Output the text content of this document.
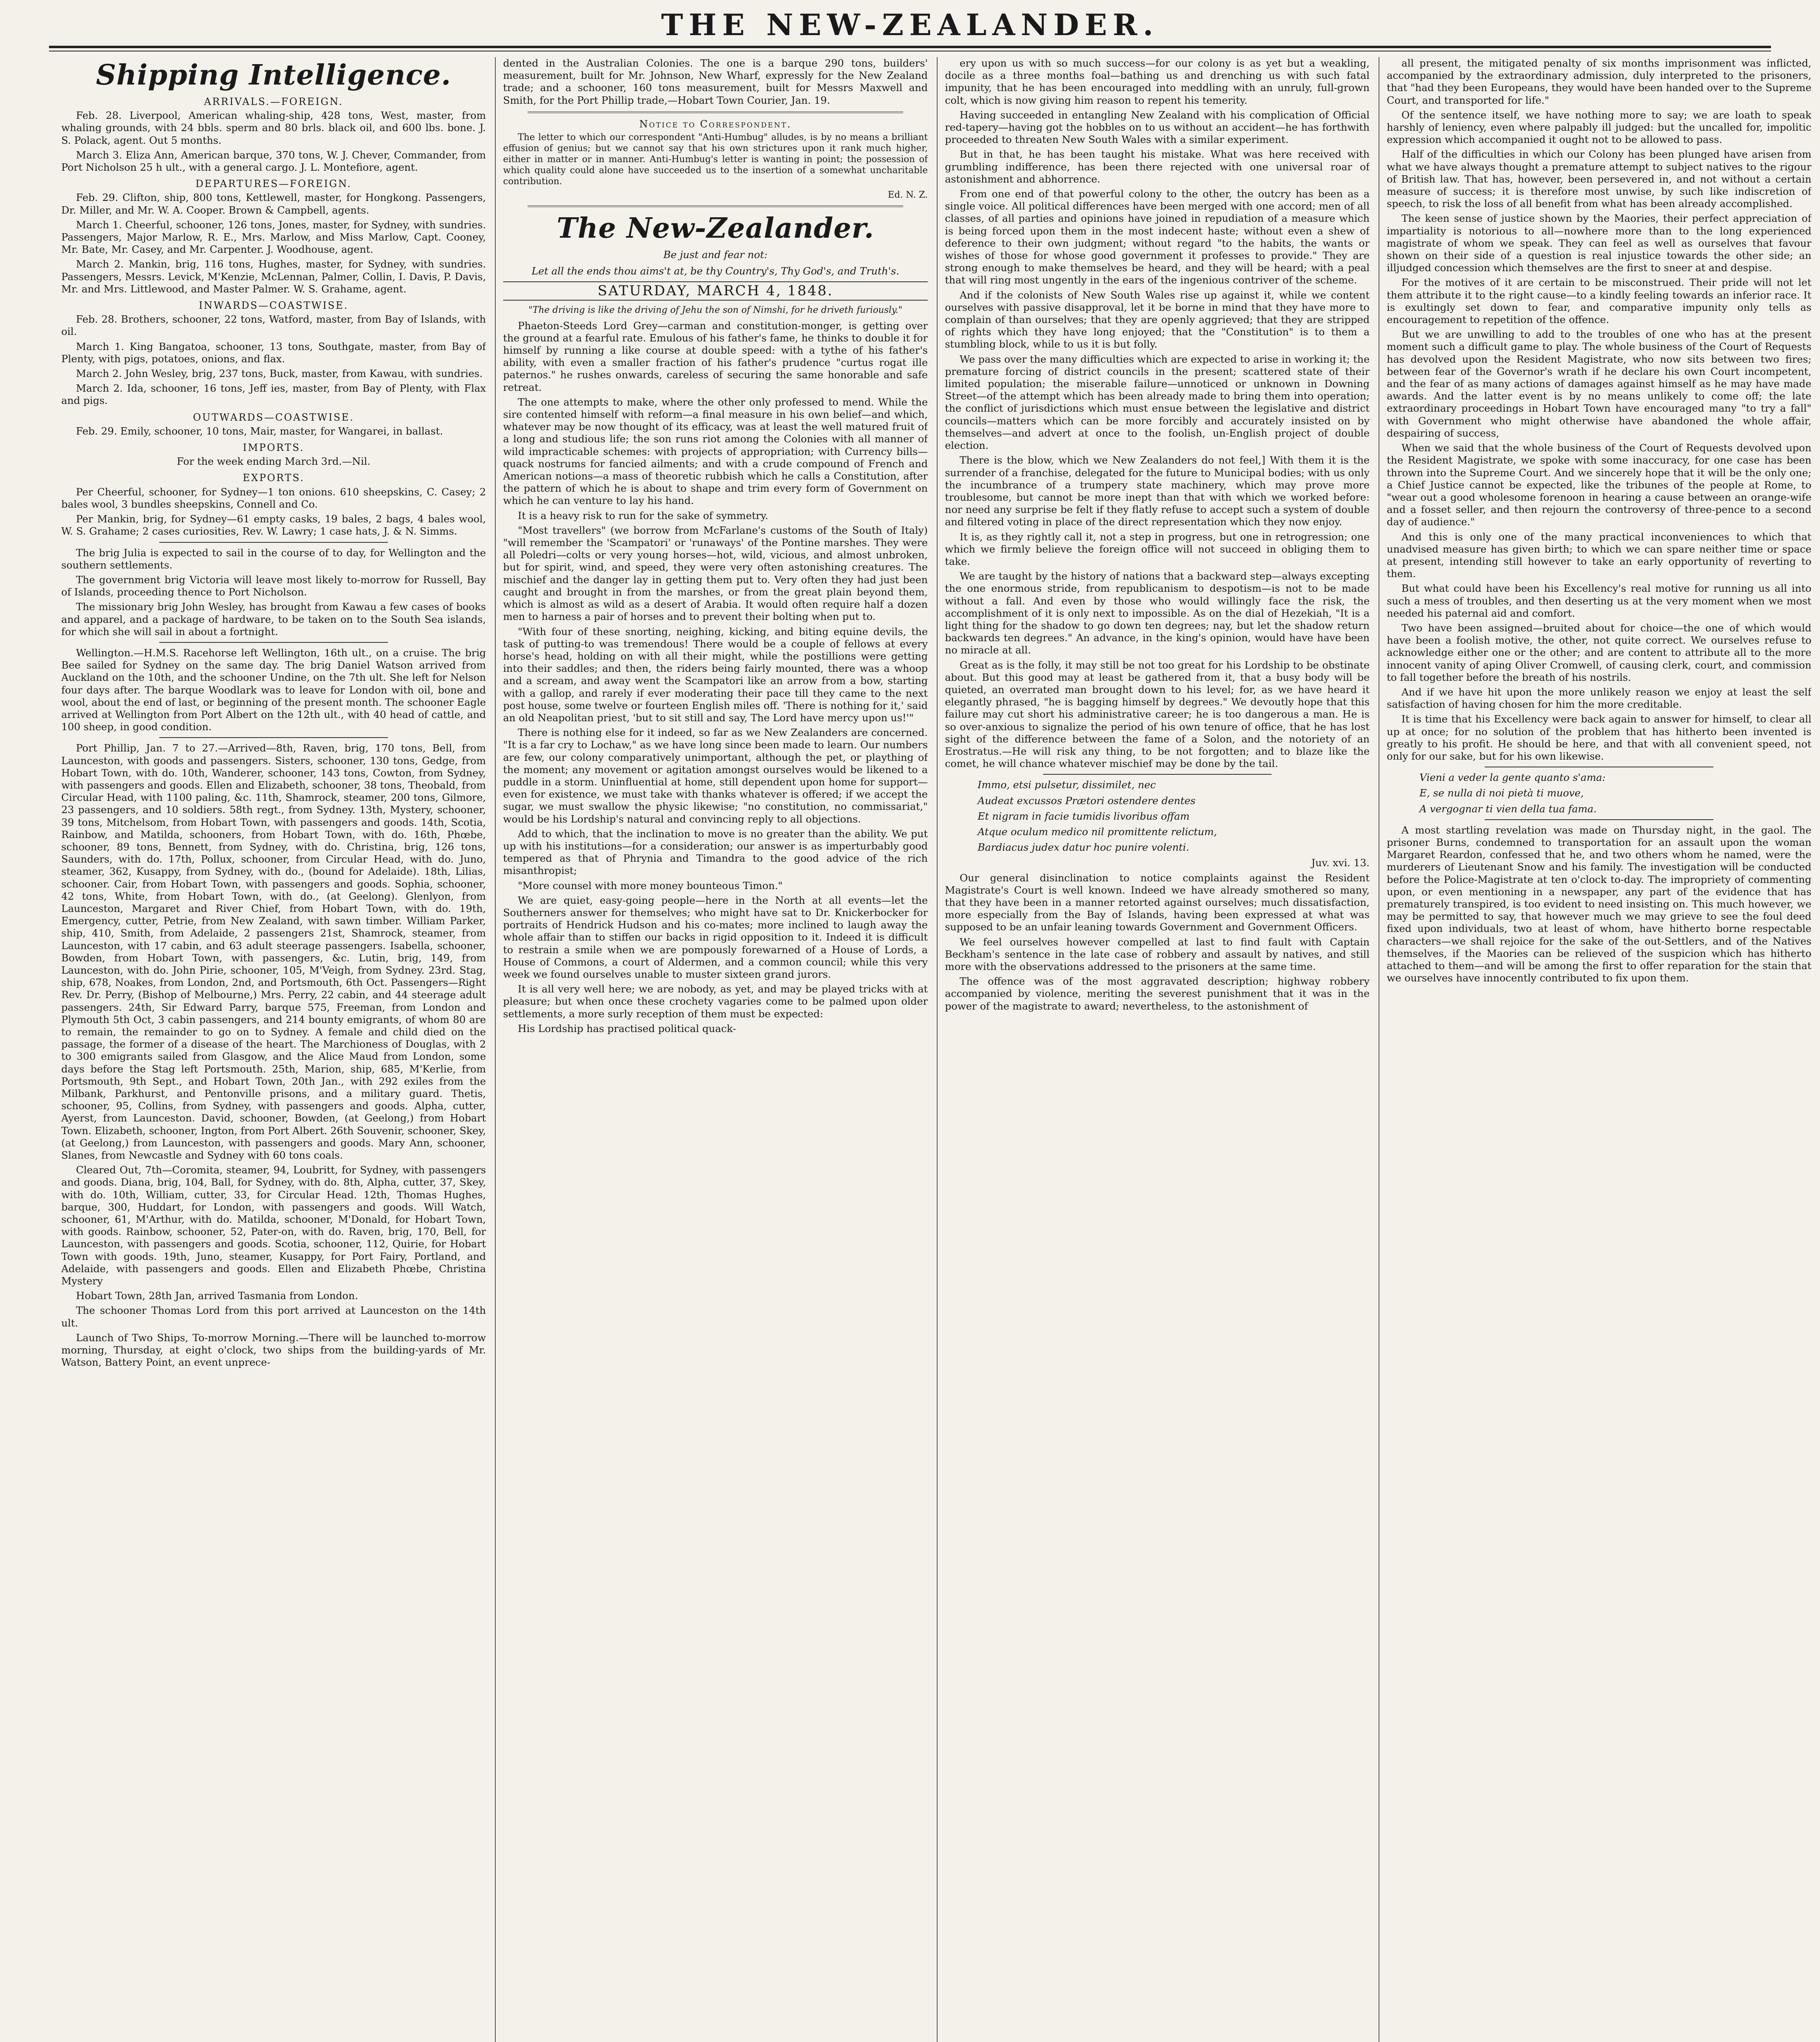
THE NEW-ZEALANDER.
Shipping Intelligence.
ARRIVALS.—FOREIGN.

Feb. 28. Liverpool, American whaling-ship, 428 tons, West, master, from whaling grounds, with 24 bbls. sperm and 80 brls. black oil, and 600 lbs. bone. J. S. Polack, agent. Out 5 months.

March 3. Eliza Ann, American barque, 370 tons, W. J. Chever, Commander, from Port Nicholson 25 h ult., with a general cargo. J. L. Montefiore, agent.

DEPARTURES—FOREIGN.

Feb. 29. Clifton, ship, 800 tons, Kettlewell, master, for Hongkong. Passengers, Dr. Miller, and Mr. W. A. Cooper. Brown & Campbell, agents.

March 1. Cheerful, schooner, 126 tons, Jones, master, for Sydney, with sundries. Passengers, Major Marlow, R. E., Mrs. Marlow, and Miss Marlow, Capt. Cooney, Mr. Bate, Mr. Casey, and Mr. Carpenter. J. Woodhouse, agent.

March 2. Mankin, brig, 116 tons, Hughes, master, for Sydney, with sundries. Passengers, Messrs. Levick, M'Kenzie, McLennan, Palmer, Collin, I. Davis, P. Davis, Mr. and Mrs. Littlewood, and Master Palmer. W. S. Grahame, agent.

INWARDS—COASTWISE.

Feb. 28. Brothers, schooner, 22 tons, Watford, master, from Bay of Islands, with oil.

March 1. King Bangatoa, schooner, 13 tons, Southgate, master, from Bay of Plenty, with pigs, potatoes, onions, and flax.

March 2. John Wesley, brig, 237 tons, Buck, master, from Kawau, with sundries.

March 2. Ida, schooner, 16 tons, Jeff ies, master, from Bay of Plenty, with Flax and pigs.

OUTWARDS—COASTWISE.

Feb. 29. Emily, schooner, 10 tons, Mair, master, for Wangarei, in ballast.

IMPORTS.

For the week ending March 3rd.—Nil.

EXPORTS.

Per Cheerful, schooner, for Sydney—1 ton onions. 610 sheepskins, C. Casey; 2 bales wool, 3 bundles sheepskins, Connell and Co.

Per Mankin, brig, for Sydney—61 empty casks, 19 bales, 2 bags, 4 bales wool, W. S. Grahame; 2 cases curiosities, Rev. W. Lawry; 1 case hats, J. & N. Simms.

The brig Julia is expected to sail in the course of to day, for Wellington and the southern settlements.

The government brig Victoria will leave most likely to-morrow for Russell, Bay of Islands, proceeding thence to Port Nicholson.

The missionary brig John Wesley, has brought from Kawau a few cases of books and apparel, and a package of hardware, to be taken on to the South Sea islands, for which she will sail in about a fortnight.

Wellington.—H.M.S. Racehorse left Wellington, 16th ult., on a cruise. The brig Bee sailed for Sydney on the same day. The brig Daniel Watson arrived from Auckland on the 10th, and the schooner Undine, on the 7th ult. She left for Nelson four days after. The barque Woodlark was to leave for London with oil, bone and wool, about the end of last, or beginning of the present month. The schooner Eagle arrived at Wellington from Port Albert on the 12th ult., with 40 head of cattle, and 100 sheep, in good condition.

Port Phillip, Jan. 7 to 27.—Arrived—8th, Raven, brig, 170 tons, Bell, from Launceston, with goods and passengers. Sisters, schooner, 130 tons, Gedge, from Hobart Town, with do. 10th, Wanderer, schooner, 143 tons, Cowton, from Sydney, with passengers and goods. Ellen and Elizabeth, schooner, 38 tons, Theobald, from Circular Head, with 1100 paling, &c. 11th, Shamrock, steamer, 200 tons, Gilmore, 23 passengers, and 10 soldiers. 58th regt., from Sydney. 13th, Mystery, schooner, 39 tons, Mitchelsom, from Hobart Town, with passengers and goods. 14th, Scotia, Rainbow, and Matilda, schooners, from Hobart Town, with do. 16th, Phœbe, schooner, 89 tons, Bennett, from Sydney, with do. Christina, brig, 126 tons, Saunders, with do. 17th, Pollux, schooner, from Circular Head, with do. Juno, steamer, 362, Kusappy, from Sydney, with do., (bound for Adelaide). 18th, Lilias, schooner. Cair, from Hobart Town, with passengers and goods. Sophia, schooner, 42 tons, White, from Hobart Town, with do., (at Geelong). Glenlyon, from Launceston, Margaret and River Chief, from Hobart Town, with do. 19th, Emergency, cutter, Petrie, from New Zealand, with sawn timber. William Parker, ship, 410, Smith, from Adelaide, 2 passengers 21st, Shamrock, steamer, from Launceston, with 17 cabin, and 63 adult steerage passengers. Isabella, schooner, Bowden, from Hobart Town, with passengers, &c. Lutin, brig, 149, from Launceston, with do. John Pirie, schooner, 105, M'Veigh, from Sydney. 23rd. Stag, ship, 678, Noakes, from London, 2nd, and Portsmouth, 6th Oct. Passengers—Right Rev. Dr. Perry, (Bishop of Melbourne,) Mrs. Perry, 22 cabin, and 44 steerage adult passengers. 24th, Sir Edward Parry, barque 575, Freeman, from London and Plymouth 5th Oct, 3 cabin passengers, and 214 bounty emigrants, of whom 80 are to remain, the remainder to go on to Sydney. A female and child died on the passage, the former of a disease of the heart. The Marchioness of Douglas, with 2 to 300 emigrants sailed from Glasgow, and the Alice Maud from London, some days before the Stag left Portsmouth. 25th, Marion, ship, 685, M'Kerlie, from Portsmouth, 9th Sept., and Hobart Town, 20th Jan., with 292 exiles from the Milbank, Parkhurst, and Pentonville prisons, and a military guard. Thetis, schooner, 95, Collins, from Sydney, with passengers and goods. Alpha, cutter, Ayerst, from Launceston. David, schooner, Bowden, (at Geelong,) from Hobart Town. Elizabeth, schooner, Ington, from Port Albert. 26th Souvenir, schooner, Skey, (at Geelong,) from Launceston, with passengers and goods. Mary Ann, schooner, Slanes, from Newcastle and Sydney with 60 tons coals.

Cleared Out, 7th—Coromita, steamer, 94, Loubritt, for Sydney, with passengers and goods. Diana, brig, 104, Ball, for Sydney, with do. 8th, Alpha, cutter, 37, Skey, with do. 10th, William, cutter, 33, for Circular Head. 12th, Thomas Hughes, barque, 300, Huddart, for London, with passengers and goods. Will Watch, schooner, 61, M'Arthur, with do. Matilda, schooner, M'Donald, for Hobart Town, with goods. Rainbow, schooner, 52, Pater-on, with do. Raven, brig, 170, Bell, for Launceston, with passengers and goods. Scotia, schooner, 112, Quirie, for Hobart Town with goods. 19th, Juno, steamer, Kusappy, for Port Fairy, Portland, and Adelaide, with passengers and goods. Ellen and Elizabeth Phœbe, Christina Mystery

Hobart Town, 28th Jan, arrived Tasmania from London.

The schooner Thomas Lord from this port arrived at Launceston on the 14th ult.

Launch of Two Ships, To-morrow Morning.—There will be launched to-morrow morning, Thursday, at eight o'clock, two ships from the building-yards of Mr. Watson, Battery Point, an event unprece-

dented in the Australian Colonies. The one is a barque 290 tons, builders' measurement, built for Mr. Johnson, New Wharf, expressly for the New Zealand trade; and a schooner, 160 tons measurement, built for Messrs Maxwell and Smith, for the Port Phillip trade,—Hobart Town Courier, Jan. 19.

Notice to Correspondent.

The letter to which our correspondent "Anti-Humbug" alludes, is by no means a brilliant effusion of genius; but we cannot say that his own strictures upon it rank much higher, either in matter or in manner. Anti-Humbug's letter is wanting in point; the possession of which quality could alone have succeeded us to the insertion of a somewhat uncharitable contribution.

Ed. N. Z.

The New-Zealander.

Be just and fear not:

Let all the ends thou aims't at, be thy Country's, Thy God's, and Truth's.

SATURDAY, MARCH 4, 1848.

"The driving is like the driving of Jehu the son of Nimshi, for he driveth furiously."

Phaeton-Steeds Lord Grey—carman and constitution-monger, is getting over the ground at a fearful rate. Emulous of his father's fame, he thinks to double it for himself by running a like course at double speed: with a tythe of his father's ability, with even a smaller fraction of his father's prudence "curtus rogat ille paternos." he rushes onwards, careless of securing the same honorable and safe retreat.

The one attempts to make, where the other only professed to mend. While the sire contented himself with reform—a final measure in his own belief—and which, whatever may be now thought of its efficacy, was at least the well matured fruit of a long and studious life; the son runs riot among the Colonies with all manner of wild impracticable schemes: with projects of appropriation; with Currency bills—quack nostrums for fancied ailments; and with a crude compound of French and American notions—a mass of theoretic rubbish which he calls a Constitution, after the pattern of which he is about to shape and trim every form of Government on which he can venture to lay his hand.

It is a heavy risk to run for the sake of symmetry.

"Most travellers" (we borrow from McFarlane's customs of the South of Italy) "will remember the 'Scampatori' or 'runaways' of the Pontine marshes. They were all Poledri—colts or very young horses—hot, wild, vicious, and almost unbroken, but for spirit, wind, and speed, they were very often astonishing creatures. The mischief and the danger lay in getting them put to. Very often they had just been caught and brought in from the marshes, or from the great plain beyond them, which is almost as wild as a desert of Arabia. It would often require half a dozen men to harness a pair of horses and to prevent their bolting when put to.

"With four of these snorting, neighing, kicking, and biting equine devils, the task of putting-to was tremendous! There would be a couple of fellows at every horse's head, holding on with all their might, while the postillions were getting into their saddles; and then, the riders being fairly mounted, there was a whoop and a scream, and away went the Scampatori like an arrow from a bow, starting with a gallop, and rarely if ever moderating their pace till they came to the next post house, some twelve or fourteen English miles off. 'There is nothing for it,' said an old Neapolitan priest, 'but to sit still and say, The Lord have mercy upon us!'"

There is nothing else for it indeed, so far as we New Zealanders are concerned. "It is a far cry to Lochaw," as we have long since been made to learn. Our numbers are few, our colony comparatively unimportant, although the pet, or plaything of the moment; any movement or agitation amongst ourselves would be likened to a puddle in a storm. Uninfluential at home, still dependent upon home for support—even for existence, we must take with thanks whatever is offered; if we accept the sugar, we must swallow the physic likewise; "no constitution, no commissariat," would be his Lordship's natural and convincing reply to all objections.

Add to which, that the inclination to move is no greater than the ability. We put up with his institutions—for a consideration; our answer is as imperturbably good tempered as that of Phrynia and Timandra to the good advice of the rich misanthropist;

"More counsel with more money bounteous Timon."

We are quiet, easy-going people—here in the North at all events—let the Southerners answer for themselves; who might have sat to Dr. Knickerbocker for portraits of Hendrick Hudson and his co-mates; more inclined to laugh away the whole affair than to stiffen our backs in rigid opposition to it. Indeed it is difficult to restrain a smile when we are pompously forewarned of a House of Lords, a House of Commons, a court of Aldermen, and a common council; while this very week we found ourselves unable to muster sixteen grand jurors.

It is all very well here; we are nobody, as yet, and may be played tricks with at pleasure; but when once these crochety vagaries come to be palmed upon older settlements, a more surly reception of them must be expected:

His Lordship has practised political quack-

ery upon us with so much success—for our colony is as yet but a weakling, docile as a three months foal—bathing us and drenching us with such fatal impunity, that he has been encouraged into meddling with an unruly, full-grown colt, which is now giving him reason to repent his temerity.

Having succeeded in entangling New Zealand with his complication of Official red-tapery—having got the hobbles on to us without an accident—he has forthwith proceeded to threaten New South Wales with a similar experiment.

But in that, he has been taught his mistake. What was here received with grumbling indifference, has been there rejected with one universal roar of astonishment and abhorrence.

From one end of that powerful colony to the other, the outcry has been as a single voice. All political differences have been merged with one accord; men of all classes, of all parties and opinions have joined in repudiation of a measure which is being forced upon them in the most indecent haste; without even a shew of deference to their own judgment; without regard "to the habits, the wants or wishes of those for whose good government it professes to provide." They are strong enough to make themselves be heard, and they will be heard; with a peal that will ring most ungently in the ears of the ingenious contriver of the scheme.

And if the colonists of New South Wales rise up against it, while we content ourselves with passive disapproval, let it be borne in mind that they have more to complain of than ourselves; that they are openly aggrieved; that they are stripped of rights which they have long enjoyed; that the "Constitution" is to them a stumbling block, while to us it is but folly.

We pass over the many difficulties which are expected to arise in working it; the premature forcing of district councils in the present; scattered state of their limited population; the miserable failure—unnoticed or unknown in Downing Street—of the attempt which has been already made to bring them into operation; the conflict of jurisdictions which must ensue between the legislative and district councils—matters which can be more forcibly and accurately insisted on by themselves—and advert at once to the foolish, un-English project of double election.

There is the blow, which we New Zealanders do not feel,] With them it is the surrender of a franchise, delegated for the future to Municipal bodies; with us only the incumbrance of a trumpery state machinery, which may prove more troublesome, but cannot be more inept than that with which we worked before: nor need any surprise be felt if they flatly refuse to accept such a system of double and filtered voting in place of the direct representation which they now enjoy.

It is, as they rightly call it, not a step in progress, but one in retrogression; one which we firmly believe the foreign office will not succeed in obliging them to take.

We are taught by the history of nations that a backward step—always excepting the one enormous stride, from republicanism to despotism—is not to be made without a fall. And even by those who would willingly face the risk, the accomplishment of it is only next to impossible. As on the dial of Hezekiah, "It is a light thing for the shadow to go down ten degrees; nay, but let the shadow return backwards ten degrees." An advance, in the king's opinion, would have have been no miracle at all.

Great as is the folly, it may still be not too great for his Lordship to be obstinate about. But this good may at least be gathered from it, that a busy body will be quieted, an overrated man brought down to his level; for, as we have heard it elegantly phrased, "he is bagging himself by degrees." We devoutly hope that this failure may cut short his administrative career; he is too dangerous a man. He is so over-anxious to signalize the period of his own tenure of office, that he has lost sight of the difference between the fame of a Solon, and the notoriety of an Erostratus.—He will risk any thing, to be not forgotten; and to blaze like the comet, he will chance whatever mischief may be done by the tail.

Immo, etsi pulsetur, dissimilet, nec

Audeat excussos Prætori ostendere dentes

Et nigram in facie tumidis livoribus offam

Atque oculum medico nil promittente relictum,

Bardiacus judex datur hoc punire volenti.

Juv. xvi. 13.

Our general disinclination to notice complaints against the Resident Magistrate's Court is well known. Indeed we have already smothered so many, that they have been in a manner retorted against ourselves; much dissatisfaction, more especially from the Bay of Islands, having been expressed at what was supposed to be an unfair leaning towards Government and Government Officers.

We feel ourselves however compelled at last to find fault with Captain Beckham's sentence in the late case of robbery and assault by natives, and still more with the observations addressed to the prisoners at the same time.

The offence was of the most aggravated description; highway robbery accompanied by violence, meriting the severest punishment that it was in the power of the magistrate to award; nevertheless, to the astonishment of

all present, the mitigated penalty of six months imprisonment was inflicted, accompanied by the extraordinary admission, duly interpreted to the prisoners, that "had they been Europeans, they would have been handed over to the Supreme Court, and transported for life."

Of the sentence itself, we have nothing more to say; we are loath to speak harshly of leniency, even where palpably ill judged: but the uncalled for, impolitic expression which accompanied it ought not to be allowed to pass.

Half of the difficulties in which our Colony has been plunged have arisen from what we have always thought a premature attempt to subject natives to the rigour of British law. That has, however, been persevered in, and not without a certain measure of success; it is therefore most unwise, by such like indiscretion of speech, to risk the loss of all benefit from what has been already accomplished.

The keen sense of justice shown by the Maories, their perfect appreciation of impartiality is notorious to all—nowhere more than to the long experienced magistrate of whom we speak. They can feel as well as ourselves that favour shown on their side of a question is real injustice towards the other side; an illjudged concession which themselves are the first to sneer at and despise.

For the motives of it are certain to be misconstrued. Their pride will not let them attribute it to the right cause—to a kindly feeling towards an inferior race. It is exultingly set down to fear, and comparative impunity only tells as encouragement to repetition of the offence.

But we are unwilling to add to the troubles of one who has at the present moment such a difficult game to play. The whole business of the Court of Requests has devolved upon the Resident Magistrate, who now sits between two fires; between fear of the Governor's wrath if he declare his own Court incompetent, and the fear of as many actions of damages against himself as he may have made awards. And the latter event is by no means unlikely to come off; the late extraordinary proceedings in Hobart Town have encouraged many "to try a fall" with Government who might otherwise have abandoned the whole affair, despairing of success,

When we said that the whole business of the Court of Requests devolved upon the Resident Magistrate, we spoke with some inaccuracy, for one case has been thrown into the Supreme Court. And we sincerely hope that it will be the only one; a Chief Justice cannot be expected, like the tribunes of the people at Rome, to "wear out a good wholesome forenoon in hearing a cause between an orange-wife and a fosset seller, and then rejourn the controversy of three-pence to a second day of audience."

And this is only one of the many practical inconveniences to which that unadvised measure has given birth; to which we can spare neither time or space at present, intending still however to take an early opportunity of reverting to them.

But what could have been his Excellency's real motive for running us all into such a mess of troubles, and then deserting us at the very moment when we most needed his paternal aid and comfort.

Two have been assigned—bruited about for choice—the one of which would have been a foolish motive, the other, not quite correct. We ourselves refuse to acknowledge either one or the other; and are content to attribute all to the more innocent vanity of aping Oliver Cromwell, of causing clerk, court, and commission to fall together before the breath of his nostrils.

And if we have hit upon the more unlikely reason we enjoy at least the self satisfaction of having chosen for him the more creditable.

It is time that his Excellency were back again to answer for himself, to clear all up at once; for no solution of the problem that has hitherto been invented is greatly to his profit. He should be here, and that with all convenient speed, not only for our sake, but for his own likewise.

Vieni a veder la gente quanto s'ama:

E, se nulla di noi pietà ti muove,

A vergognar ti vien della tua fama.

A most startling revelation was made on Thursday night, in the gaol. The prisoner Burns, condemned to transportation for an assault upon the woman Margaret Reardon, confessed that he, and two others whom he named, were the murderers of Lieutenant Snow and his family. The investigation will be conducted before the Police-Magistrate at ten o'clock to-day. The impropriety of commenting upon, or even mentioning in a newspaper, any part of the evidence that has prematurely transpired, is too evident to need insisting on. This much however, we may be permitted to say, that however much we may grieve to see the foul deed fixed upon individuals, two at least of whom, have hitherto borne respectable characters—we shall rejoice for the sake of the out-Settlers, and of the Natives themselves, if the Maories can be relieved of the suspicion which has hitherto attached to them—and will be among the first to offer reparation for the stain that we ourselves have innocently contributed to fix upon them.
